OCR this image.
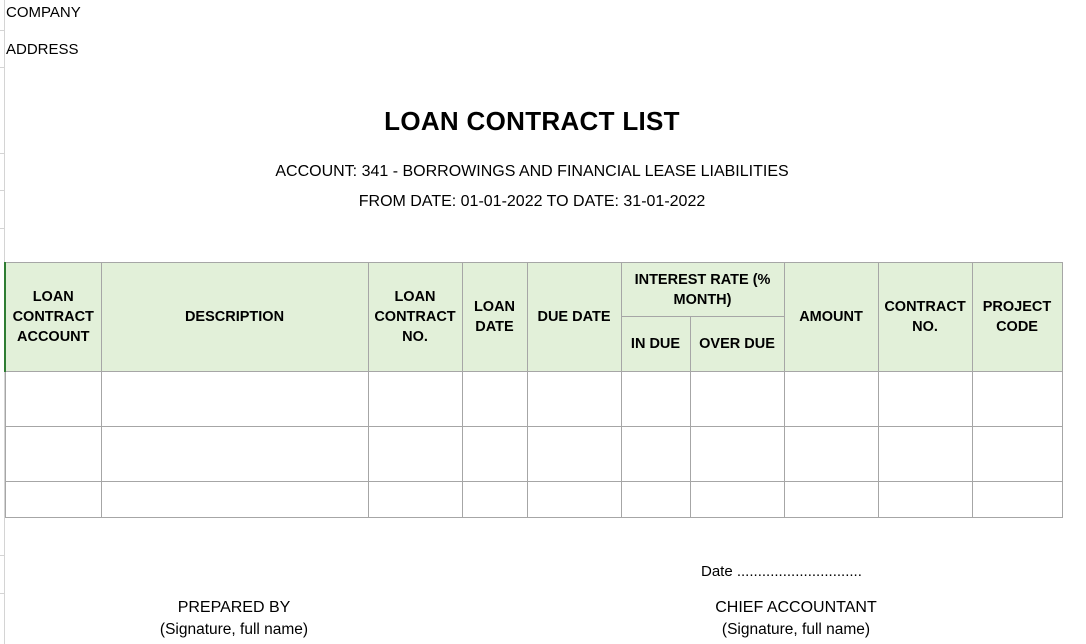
COMPANY
ADDRESS
LOAN CONTRACT LIST
ACCOUNT: 341 - BORROWINGS AND FINANCIAL LEASE LIABILITIES
FROM DATE: 01-01-2022 TO DATE: 31-01-2022
LOAN CONTRACT ACCOUNT	DESCRIPTION	LOAN CONTRACT NO.	LOAN DATE	DUE DATE	INTEREST RATE (% MONTH)		AMOUNT	CONTRACT NO.	PROJECT CODE
					IN DUE	OVER DUE			

Date ..............................
PREPARED BY
(Signature, full name)
CHIEF ACCOUNTANT
(Signature, full name)
